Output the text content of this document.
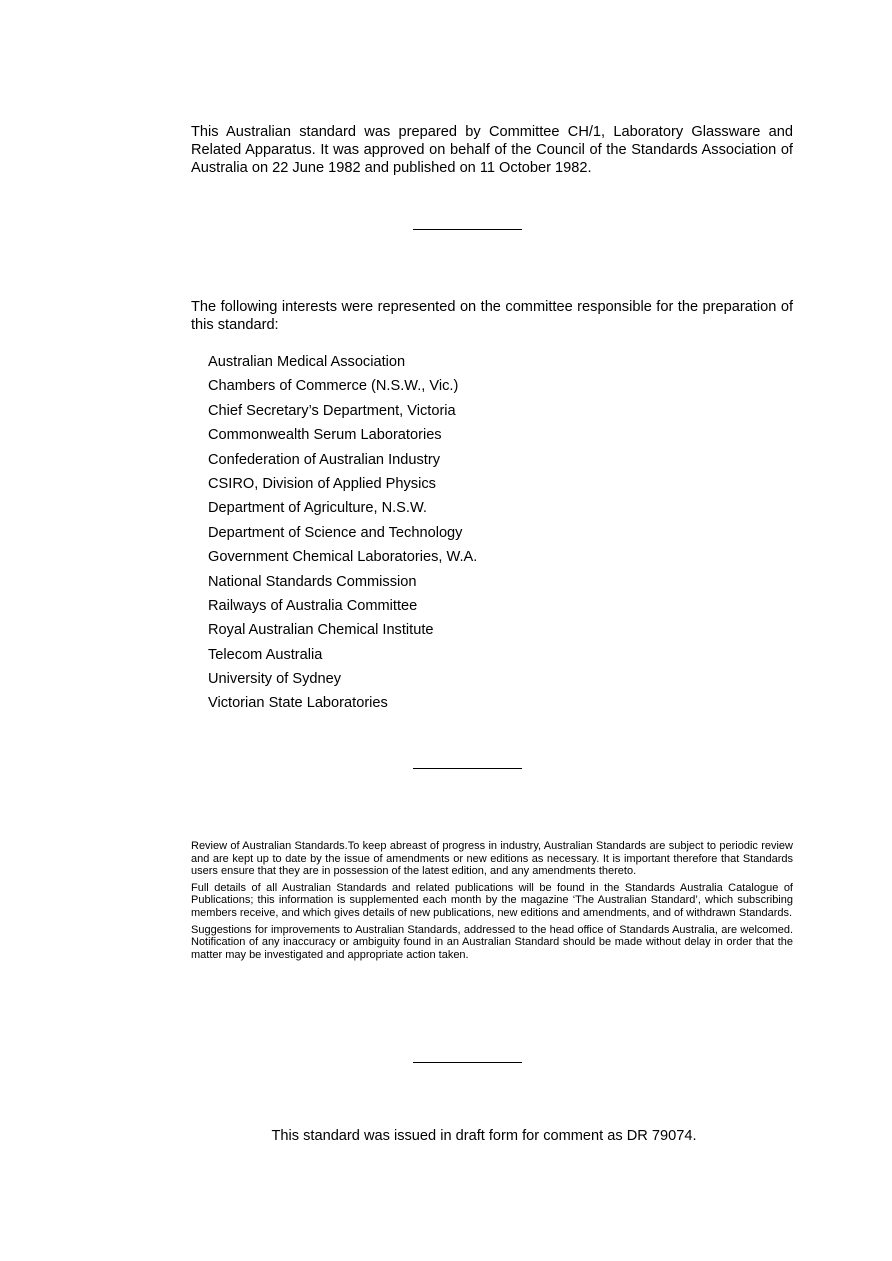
This Australian standard was prepared by Committee CH/1, Laboratory Glassware and Related Apparatus. It was approved on behalf of the Council of the Standards Association of Australia on 22 June 1982 and published on 11 October 1982.

The following interests were represented on the committee responsible for the preparation of this standard:

Australian Medical Association
Chambers of Commerce (N.S.W., Vic.)
Chief Secretary’s Department, Victoria
Commonwealth Serum Laboratories
Confederation of Australian Industry
CSIRO, Division of Applied Physics
Department of Agriculture, N.S.W.
Department of Science and Technology
Government Chemical Laboratories, W.A.
National Standards Commission
Railways of Australia Committee
Royal Australian Chemical Institute
Telecom Australia
University of Sydney
Victorian State Laboratories

Review of Australian Standards.To keep abreast of progress in industry, Australian Standards are subject to periodic review and are kept up to date by the issue of amendments or new editions as necessary. It is important therefore that Standards users ensure that they are in possession of the latest edition, and any amendments thereto.

Full details of all Australian Standards and related publications will be found in the Standards Australia Catalogue of Publications; this information is supplemented each month by the magazine ‘The Australian Standard’, which subscribing members receive, and which gives details of new publications, new editions and amendments, and of withdrawn Standards.

Suggestions for improvements to Australian Standards, addressed to the head office of Standards Australia, are welcomed. Notification of any inaccuracy or ambiguity found in an Australian Standard should be made without delay in order that the matter may be investigated and appropriate action taken.

This standard was issued in draft form for comment as DR 79074.
